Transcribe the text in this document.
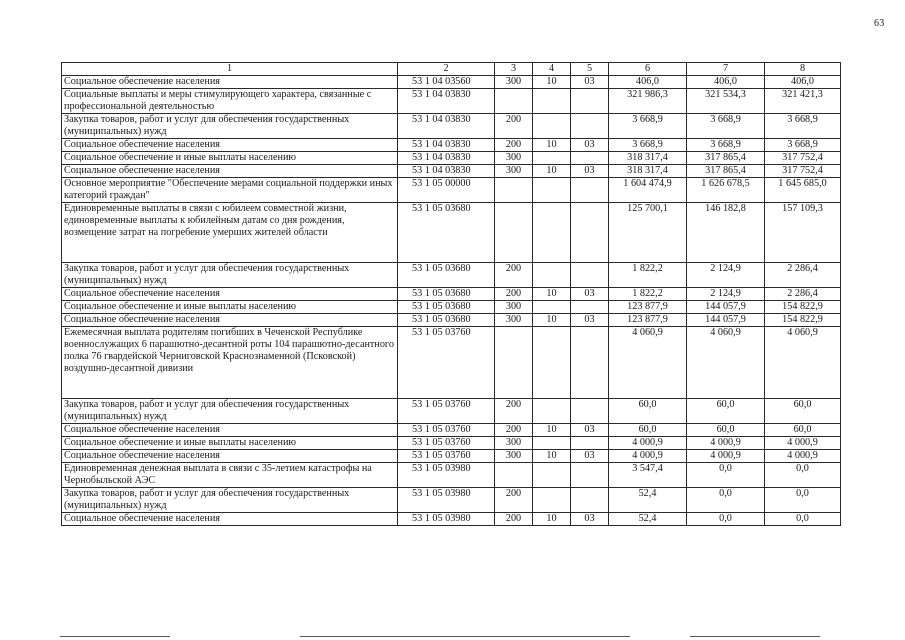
63
1	2	3	4	5	6	7	8
Социальное обеспечение населения	53 1 04 03560	300	10	03	406,0	406,0	406,0
Социальные выплаты и меры стимулирующего характера, связанные с профессиональной деятельностью	53 1 04 03830				321 986,3	321 534,3	321 421,3
Закупка товаров, работ и услуг для обеспечения государственных (муниципальных) нужд	53 1 04 03830	200			3 668,9	3 668,9	3 668,9
Социальное обеспечение населения	53 1 04 03830	200	10	03	3 668,9	3 668,9	3 668,9
Социальное обеспечение и иные выплаты населению	53 1 04 03830	300			318 317,4	317 865,4	317 752,4
Социальное обеспечение населения	53 1 04 03830	300	10	03	318 317,4	317 865,4	317 752,4
Основное мероприятие "Обеспечение мерами социальной поддержки иных категорий граждан"	53 1 05 00000				1 604 474,9	1 626 678,5	1 645 685,0
Единовременные выплаты в связи с юбилеем совместной жизни, единовременные выплаты к юбилейным датам со дня рождения, возмещение затрат на погребение умерших жителей области	53 1 05 03680				125 700,1	146 182,8	157 109,3
Закупка товаров, работ и услуг для обеспечения государственных (муниципальных) нужд	53 1 05 03680	200			1 822,2	2 124,9	2 286,4
Социальное обеспечение населения	53 1 05 03680	200	10	03	1 822,2	2 124,9	2 286,4
Социальное обеспечение и иные выплаты населению	53 1 05 03680	300			123 877,9	144 057,9	154 822,9
Социальное обеспечение населения	53 1 05 03680	300	10	03	123 877,9	144 057,9	154 822,9
Ежемесячная выплата родителям погибших в Чеченской Республике военнослужащих 6 парашютно-десантной роты 104 парашютно-десантного полка 76 гвардейской Черниговской Краснознаменной (Псковской) воздушно-десантной дивизии	53 1 05 03760				4 060,9	4 060,9	4 060,9
Закупка товаров, работ и услуг для обеспечения государственных (муниципальных) нужд	53 1 05 03760	200			60,0	60,0	60,0
Социальное обеспечение населения	53 1 05 03760	200	10	03	60,0	60,0	60,0
Социальное обеспечение и иные выплаты населению	53 1 05 03760	300			4 000,9	4 000,9	4 000,9
Социальное обеспечение населения	53 1 05 03760	300	10	03	4 000,9	4 000,9	4 000,9
Единовременная денежная выплата в связи с 35-летием катастрофы на Чернобыльской АЭС	53 1 05 03980				3 547,4	0,0	0,0
Закупка товаров, работ и услуг для обеспечения государственных (муниципальных) нужд	53 1 05 03980	200			52,4	0,0	0,0
Социальное обеспечение населения	53 1 05 03980	200	10	03	52,4	0,0	0,0
